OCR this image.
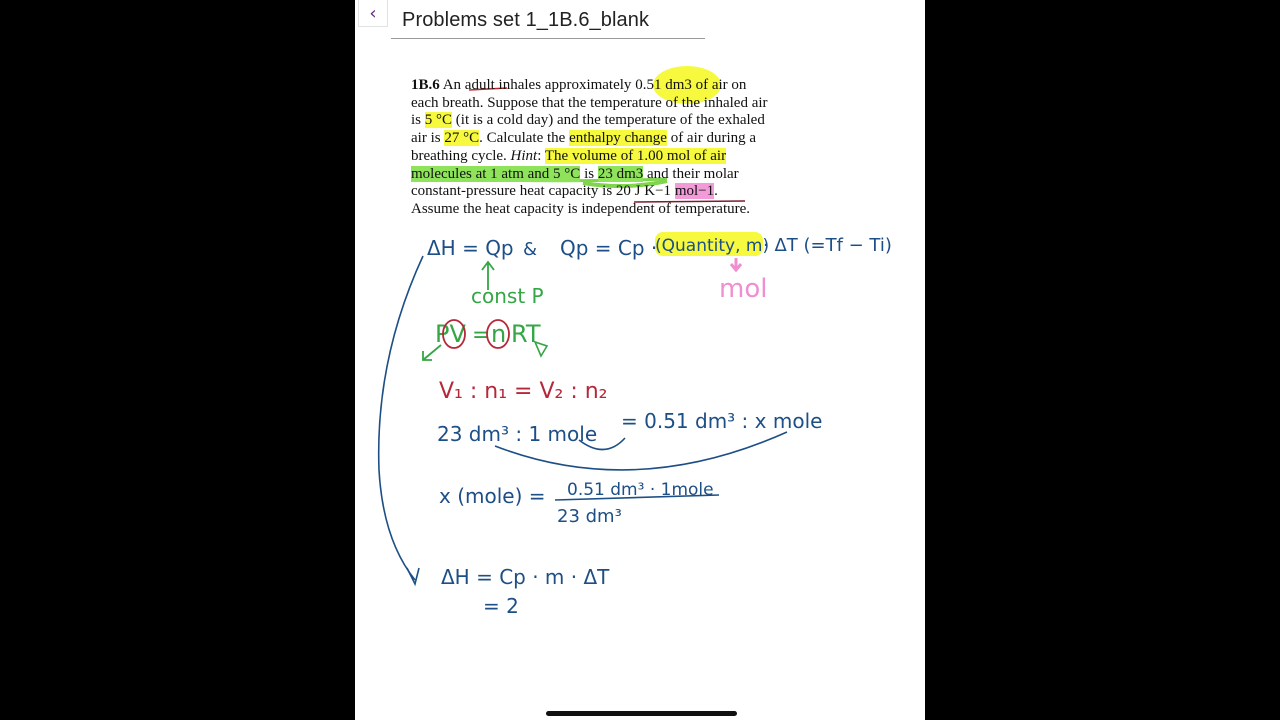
‹ Problems set 1_1B.6_blank
1B.6 An adult inhales approximately 0.51 dm3 of air on
each breath. Suppose that the temperature of the inhaled air
is 5 °C (it is a cold day) and the temperature of the exhaled
air is 27 °C. Calculate the enthalpy change of air during a
breathing cycle. Hint: The volume of 1.00 mol of air
molecules at 1 atm and 5 °C is 23 dm3 and their molar
constant-pressure heat capacity is 20 J K−1 mol−1.
Assume the heat capacity is independent of temperature.
ΔH = Qp & Qp = Cp ·
(Quantity, m)
· ΔT (=Tf − Ti)
mol
const P
PV = n RT
V₁ : n₁ = V₂ : n₂
23 dm³ : 1 mole
= 0.51 dm³ : x mole
x (mole) = 0.51 dm³ · 1mole
23 dm³
ΔH = Cp · m · ΔT
= 2
